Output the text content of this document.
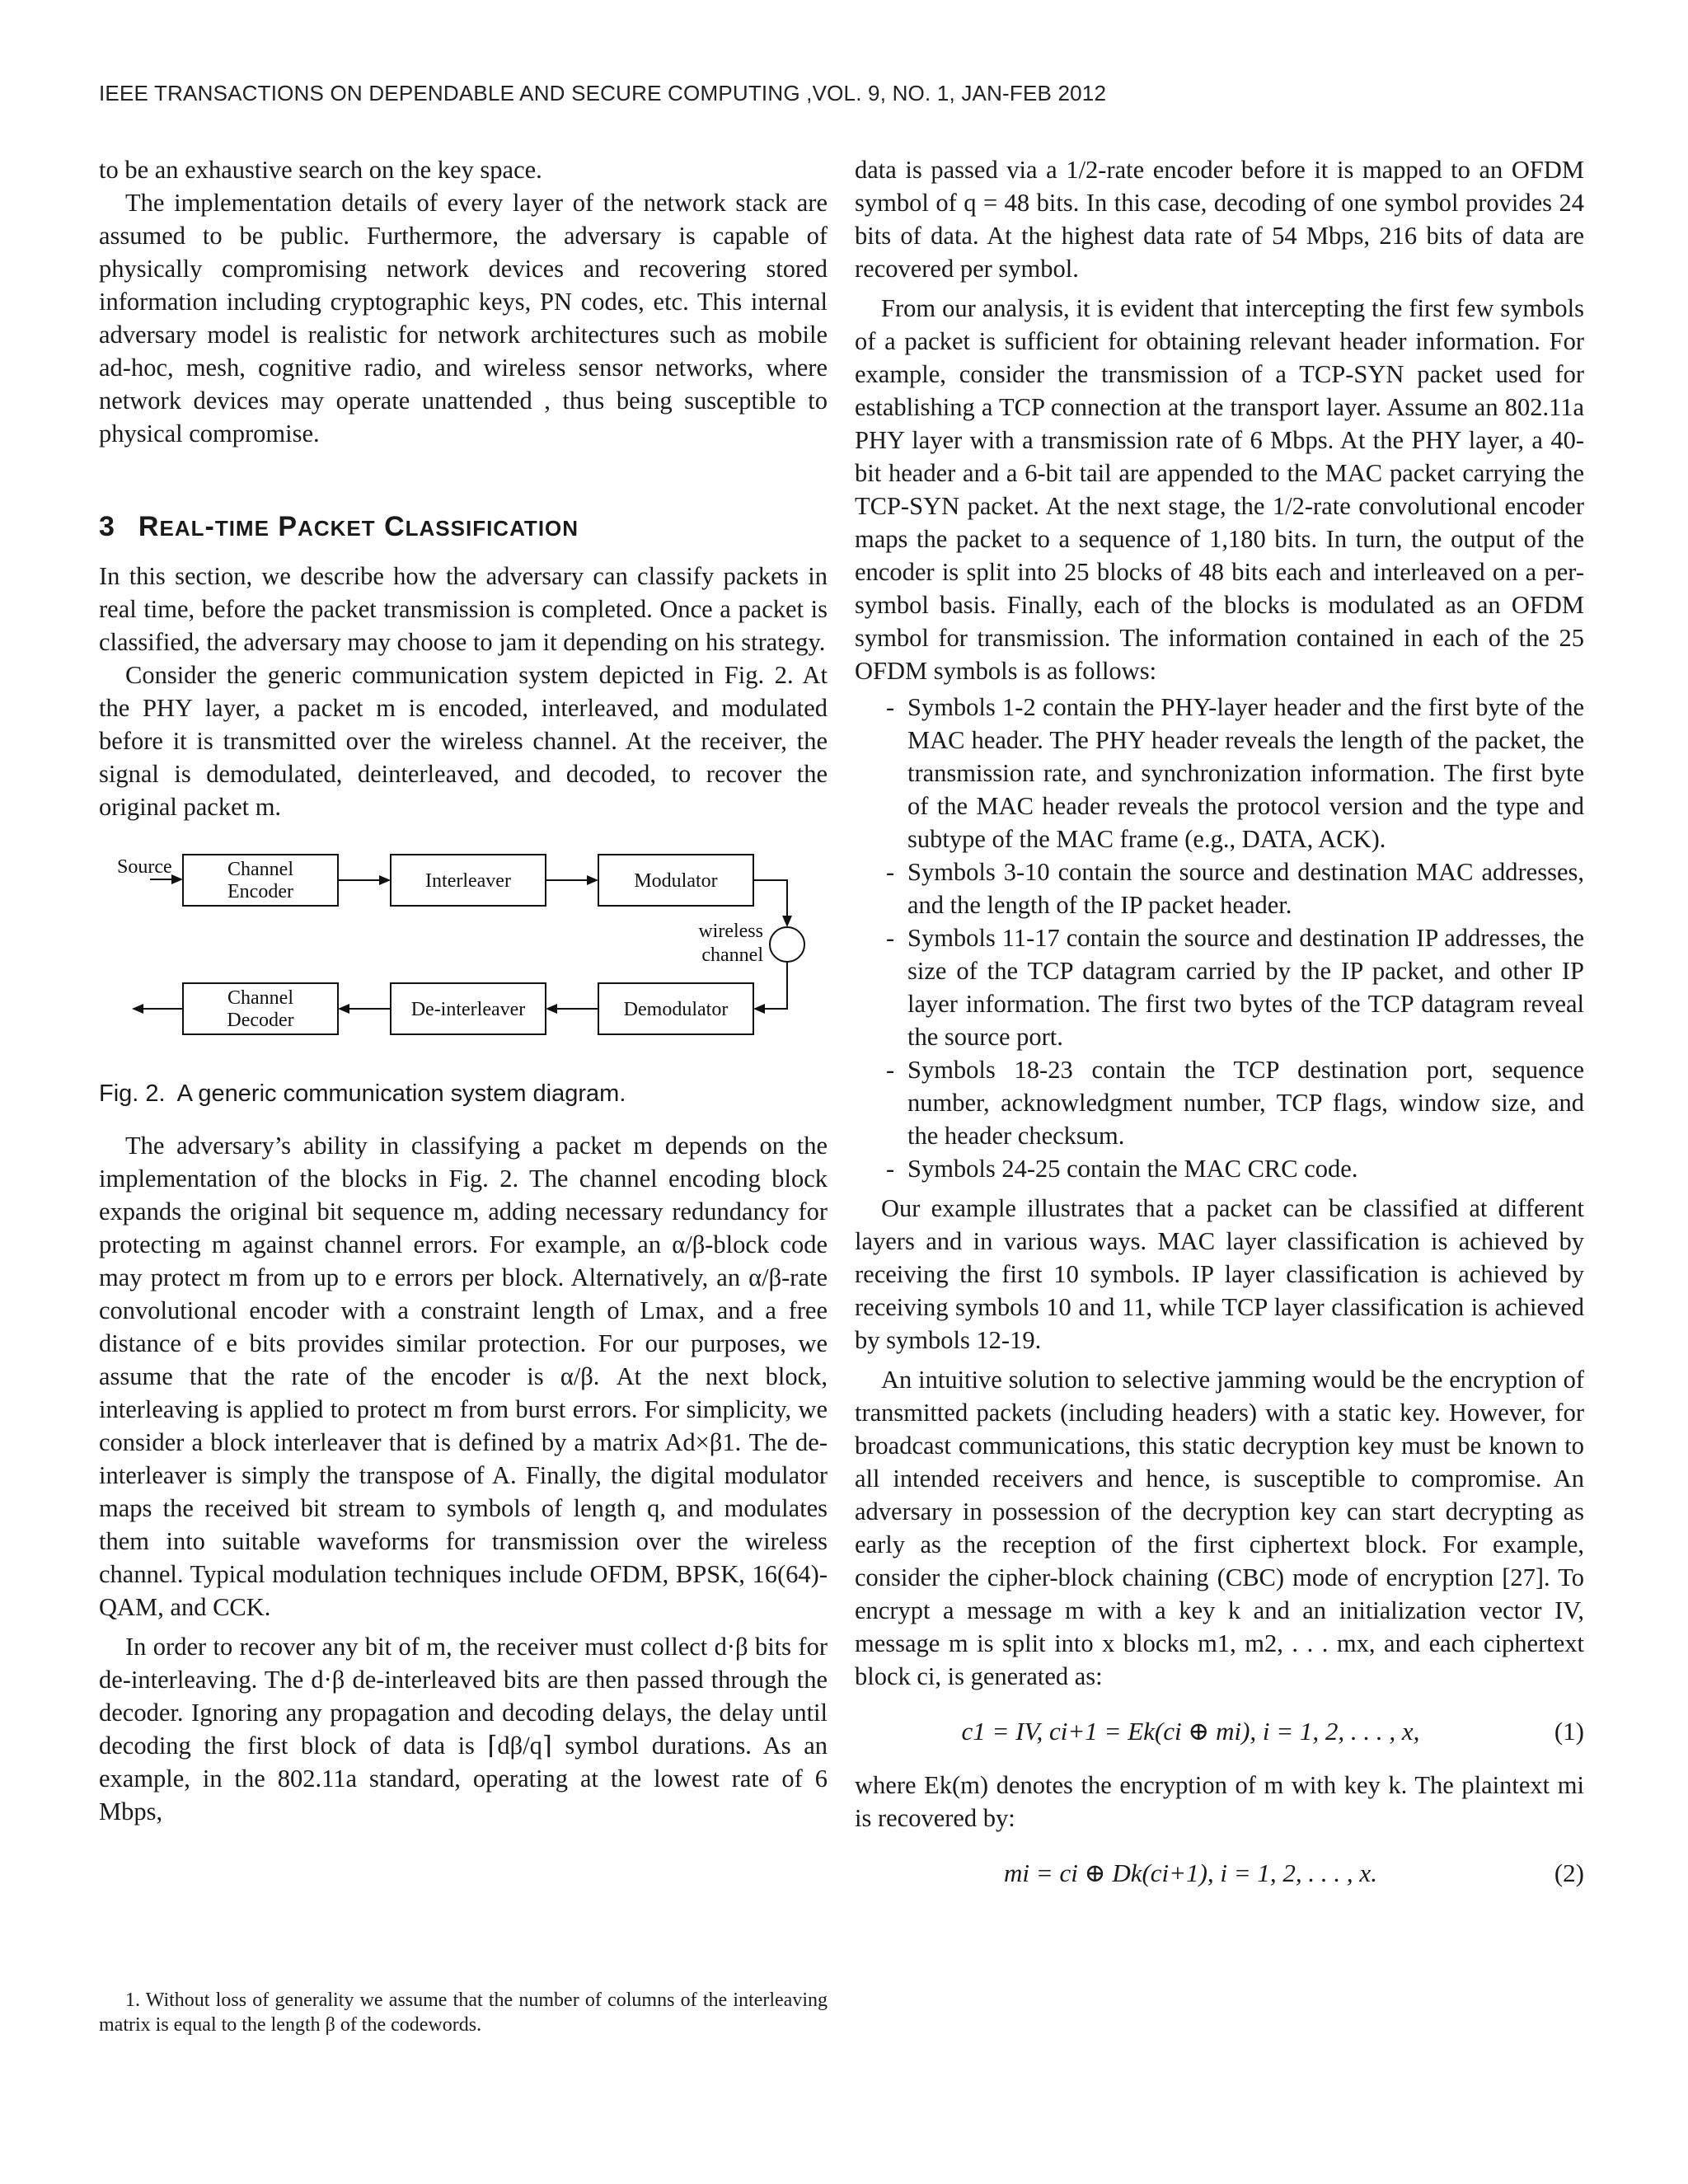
IEEE TRANSACTIONS ON DEPENDABLE AND SECURE COMPUTING ,VOL. 9, NO. 1, JAN-FEB 2012

to be an exhaustive search on the key space.

The implementation details of every layer of the network stack are assumed to be public. Furthermore, the adversary is capable of physically compromising network devices and recovering stored information including cryptographic keys, PN codes, etc. This internal adversary model is realistic for network architectures such as mobile ad-hoc, mesh, cognitive radio, and wireless sensor networks, where network devices may operate unattended , thus being susceptible to physical compromise.

3 REAL-TIME PACKET CLASSIFICATION

In this section, we describe how the adversary can classify packets in real time, before the packet transmission is completed. Once a packet is classified, the adversary may choose to jam it depending on his strategy.

Consider the generic communication system depicted in Fig. 2. At the PHY layer, a packet m is encoded, interleaved, and modulated before it is transmitted over the wireless channel. At the receiver, the signal is demodulated, deinterleaved, and decoded, to recover the original packet m.

Source	Channel
Encoder	Interleaver	Modulator
wireless
channel
Demodulator
De-interleaver
Channel
Decoder
Fig. 2. A generic communication system diagram.

The adversary’s ability in classifying a packet m depends on the implementation of the blocks in Fig. 2. The channel encoding block expands the original bit sequence m, adding necessary redundancy for protecting m against channel errors. For example, an α/β-block code may protect m from up to e errors per block. Alternatively, an α/β-rate convolutional encoder with a constraint length of Lmax, and a free distance of e bits provides similar protection. For our purposes, we assume that the rate of the encoder is α/β. At the next block, interleaving is applied to protect m from burst errors. For simplicity, we consider a block interleaver that is defined by a matrix Ad×β1. The de-interleaver is simply the transpose of A. Finally, the digital modulator maps the received bit stream to symbols of length q, and modulates them into suitable waveforms for transmission over the wireless channel. Typical modulation techniques include OFDM, BPSK, 16(64)-QAM, and CCK.

In order to recover any bit of m, the receiver must collect d·β bits for de-interleaving. The d·β de-interleaved bits are then passed through the decoder. Ignoring any propagation and decoding delays, the delay until decoding the first block of data is ⌈dβ/q⌉ symbol durations. As an example, in the 802.11a standard, operating at the lowest rate of 6 Mbps,

1. Without loss of generality we assume that the number of columns of the interleaving matrix is equal to the length β of the codewords.

data is passed via a 1/2-rate encoder before it is mapped to an OFDM symbol of q = 48 bits. In this case, decoding of one symbol provides 24 bits of data. At the highest data rate of 54 Mbps, 216 bits of data are recovered per symbol.

From our analysis, it is evident that intercepting the first few symbols of a packet is sufficient for obtaining relevant header information. For example, consider the transmission of a TCP-SYN packet used for establishing a TCP connection at the transport layer. Assume an 802.11a PHY layer with a transmission rate of 6 Mbps. At the PHY layer, a 40-bit header and a 6-bit tail are appended to the MAC packet carrying the TCP-SYN packet. At the next stage, the 1/2-rate convolutional encoder maps the packet to a sequence of 1,180 bits. In turn, the output of the encoder is split into 25 blocks of 48 bits each and interleaved on a per-symbol basis. Finally, each of the blocks is modulated as an OFDM symbol for transmission. The information contained in each of the 25 OFDM symbols is as follows:

- Symbols 1-2 contain the PHY-layer header and the first byte of the MAC header. The PHY header reveals the length of the packet, the transmission rate, and synchronization information. The first byte of the MAC header reveals the protocol version and the type and subtype of the MAC frame (e.g., DATA, ACK).
- Symbols 3-10 contain the source and destination MAC addresses, and the length of the IP packet header.
- Symbols 11-17 contain the source and destination IP addresses, the size of the TCP datagram carried by the IP packet, and other IP layer information. The first two bytes of the TCP datagram reveal the source port.
- Symbols 18-23 contain the TCP destination port, sequence number, acknowledgment number, TCP flags, window size, and the header checksum.
- Symbols 24-25 contain the MAC CRC code.

Our example illustrates that a packet can be classified at different layers and in various ways. MAC layer classification is achieved by receiving the first 10 symbols. IP layer classification is achieved by receiving symbols 10 and 11, while TCP layer classification is achieved by symbols 12-19.

An intuitive solution to selective jamming would be the encryption of transmitted packets (including headers) with a static key. However, for broadcast communications, this static decryption key must be known to all intended receivers and hence, is susceptible to compromise. An adversary in possession of the decryption key can start decrypting as early as the reception of the first ciphertext block. For example, consider the cipher-block chaining (CBC) mode of encryption [27]. To encrypt a message m with a key k and an initialization vector IV, message m is split into x blocks m1, m2, . . . mx, and each ciphertext block ci, is generated as:

c1 = IV, ci+1 = Ek(ci ⊕ mi), i = 1, 2, . . . , x,	(1)

where Ek(m) denotes the encryption of m with key k. The plaintext mi is recovered by:

mi = ci ⊕ Dk(ci+1), i = 1, 2, . . . , x.	(2)
